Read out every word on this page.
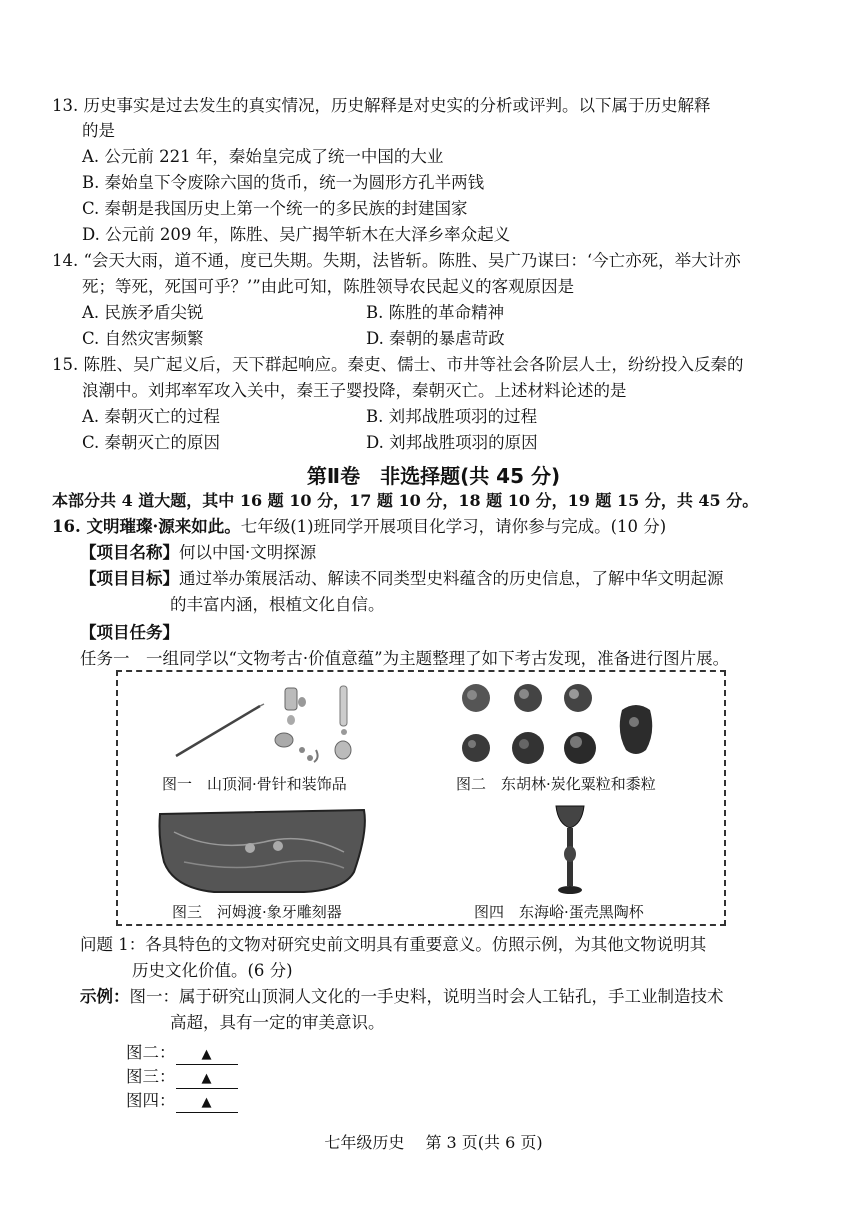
13. 历史事实是过去发生的真实情况，历史解释是对史实的分析或评判。以下属于历史解释
的是
A. 公元前 221 年，秦始皇完成了统一中国的大业
B. 秦始皇下令废除六国的货币，统一为圆形方孔半两钱
C. 秦朝是我国历史上第一个统一的多民族的封建国家
D. 公元前 209 年，陈胜、吴广揭竿斩木在大泽乡率众起义
14. “会天大雨，道不通，度已失期。失期，法皆斩。陈胜、吴广乃谋曰：‘今亡亦死，举大计亦
死；等死，死国可乎？’”由此可知，陈胜领导农民起义的客观原因是
A. 民族矛盾尖锐	B. 陈胜的革命精神
C. 自然灾害频繁	D. 秦朝的暴虐苛政
15. 陈胜、吴广起义后，天下群起响应。秦吏、儒士、市井等社会各阶层人士，纷纷投入反秦的
浪潮中。刘邦率军攻入关中，秦王子婴投降，秦朝灭亡。上述材料论述的是
A. 秦朝灭亡的过程	B. 刘邦战胜项羽的过程
C. 秦朝灭亡的原因	D. 刘邦战胜项羽的原因
第Ⅱ卷　非选择题(共 45 分)
本部分共 4 道大题，其中 16 题 10 分，17 题 10 分，18 题 10 分，19 题 15 分，共 45 分。
16. 文明璀璨·源来如此。七年级(1)班同学开展项目化学习，请你参与完成。(10 分)
【项目名称】何以中国·文明探源
【项目目标】通过举办策展活动、解读不同类型史料蕴含的历史信息，了解中华文明起源
的丰富内涵，根植文化自信。
【项目任务】
任务一　一组同学以“文物考古·价值意蕴”为主题整理了如下考古发现，准备进行图片展。
图一　山顶洞·骨针和装饰品	图二　东胡林·炭化粟粒和黍粒
图三　河姆渡·象牙雕刻器	图四　东海峪·蛋壳黑陶杯
问题 1：各具特色的文物对研究史前文明具有重要意义。仿照示例，为其他文物说明其
历史文化价值。(6 分)
示例：图一：属于研究山顶洞人文化的一手史料，说明当时会人工钻孔，手工业制造技术
高超，具有一定的审美意识。
图二： ▲
图三： ▲
图四： ▲
七年级历史　 第 3 页(共 6 页)
